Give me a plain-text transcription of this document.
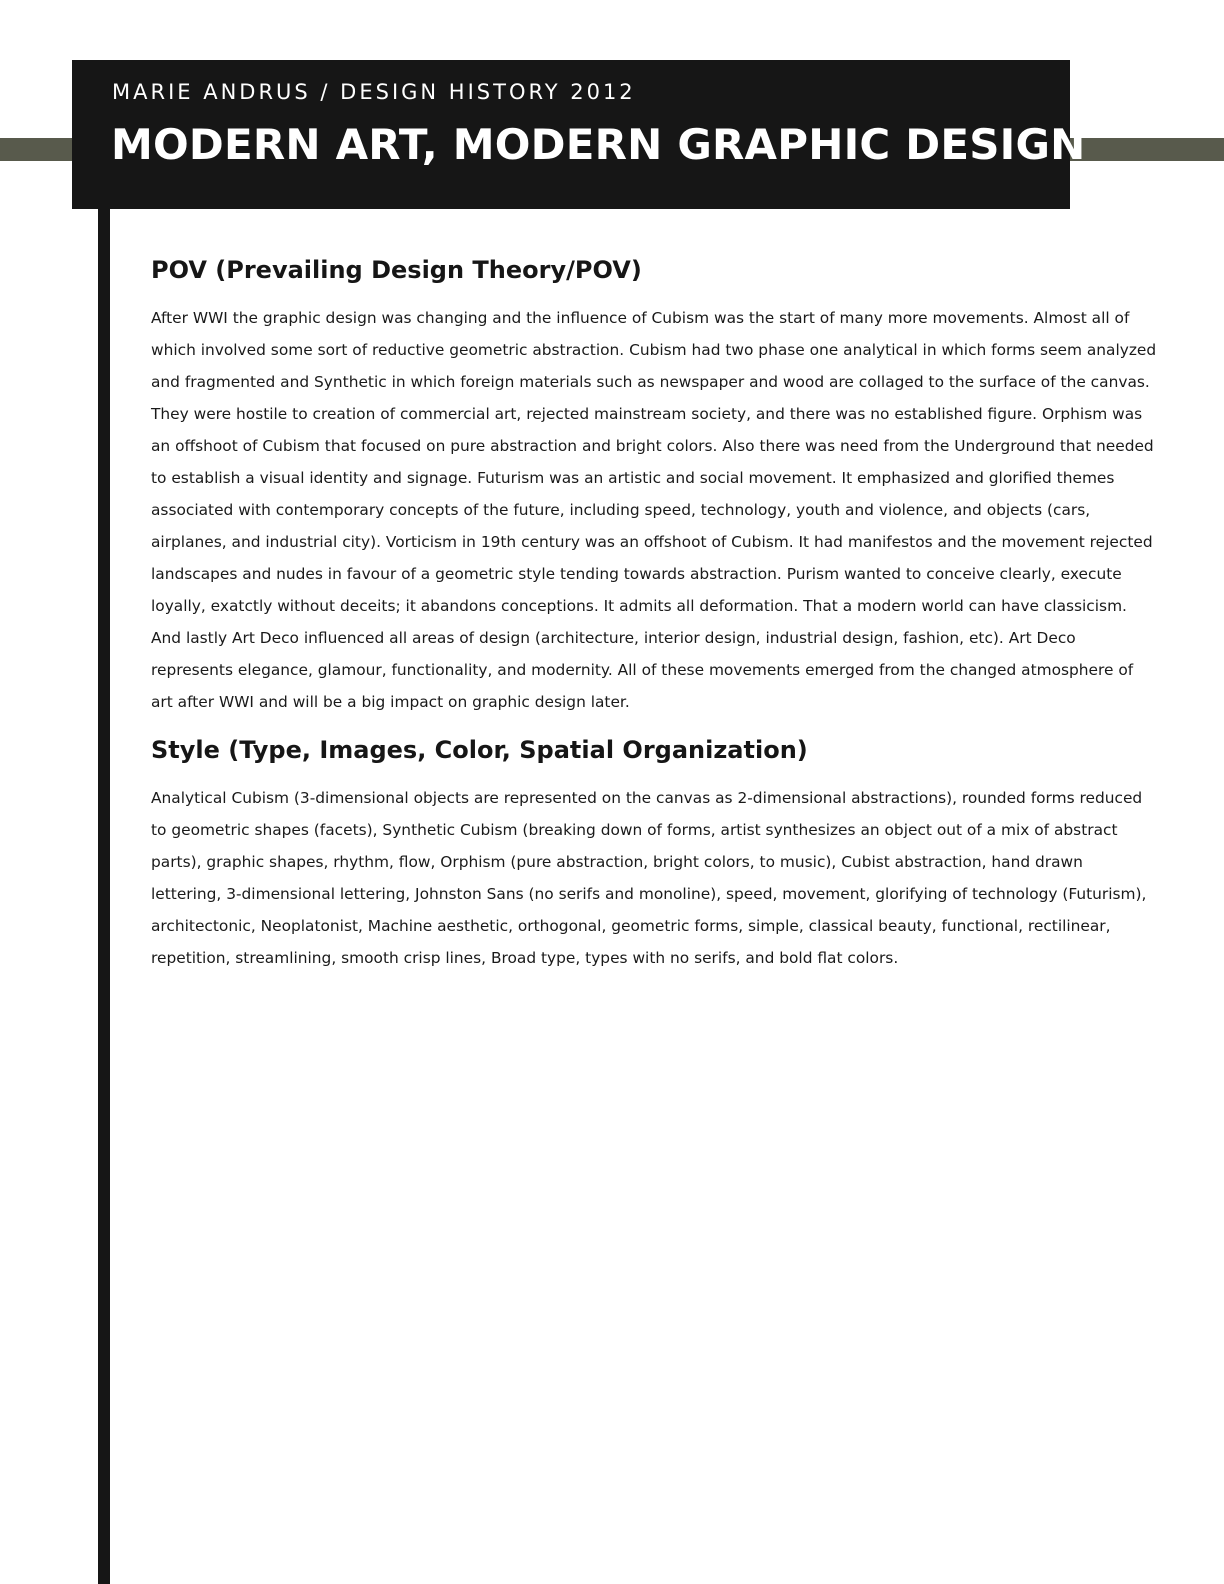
MARIE ANDRUS / DESIGN HISTORY 2012
MODERN ART, MODERN GRAPHIC DESIGN
POV (Prevailing Design Theory/POV)

After WWI the graphic design was changing and the influence of Cubism was the start of many more movements. Almost all of which involved some sort of reductive geometric abstraction. Cubism had two phase one analytical in which forms seem analyzed and fragmented and Synthetic in which foreign materials such as newspaper and wood are collaged to the surface of the canvas. They were hostile to creation of commercial art, rejected mainstream society, and there was no established figure. Orphism was an offshoot of Cubism that focused on pure abstraction and bright colors. Also there was need from the Underground that needed to establish a visual identity and signage. Futurism was an artistic and social movement. It emphasized and glorified themes associated with contemporary concepts of the future, including speed, technology, youth and violence, and objects (cars, airplanes, and industrial city). Vorticism in 19th century was an offshoot of Cubism. It had manifestos and the movement rejected landscapes and nudes in favour of a geometric style tending towards abstraction. Purism wanted to conceive clearly, execute loyally, exatctly without deceits; it abandons conceptions. It admits all deformation. That a modern world can have classicism. And lastly Art Deco influenced all areas of design (architecture, interior design, industrial design, fashion, etc). Art Deco represents elegance, glamour, functionality, and modernity. All of these movements emerged from the changed atmosphere of art after WWI and will be a big impact on graphic design later.

Style (Type, Images, Color, Spatial Organization)

Analytical Cubism (3-dimensional objects are represented on the canvas as 2-dimensional abstractions), rounded forms reduced to geometric shapes (facets), Synthetic Cubism (breaking down of forms, artist synthesizes an object out of a mix of abstract parts), graphic shapes, rhythm, flow, Orphism (pure abstraction, bright colors, to music), Cubist abstraction, hand drawn lettering, 3-dimensional lettering, Johnston Sans (no serifs and monoline), speed, movement, glorifying of technology (Futurism), architectonic, Neoplatonist, Machine aesthetic, orthogonal, geometric forms, simple, classical beauty, functional, rectilinear, repetition, streamlining, smooth crisp lines, Broad type, types with no serifs, and bold flat colors.
